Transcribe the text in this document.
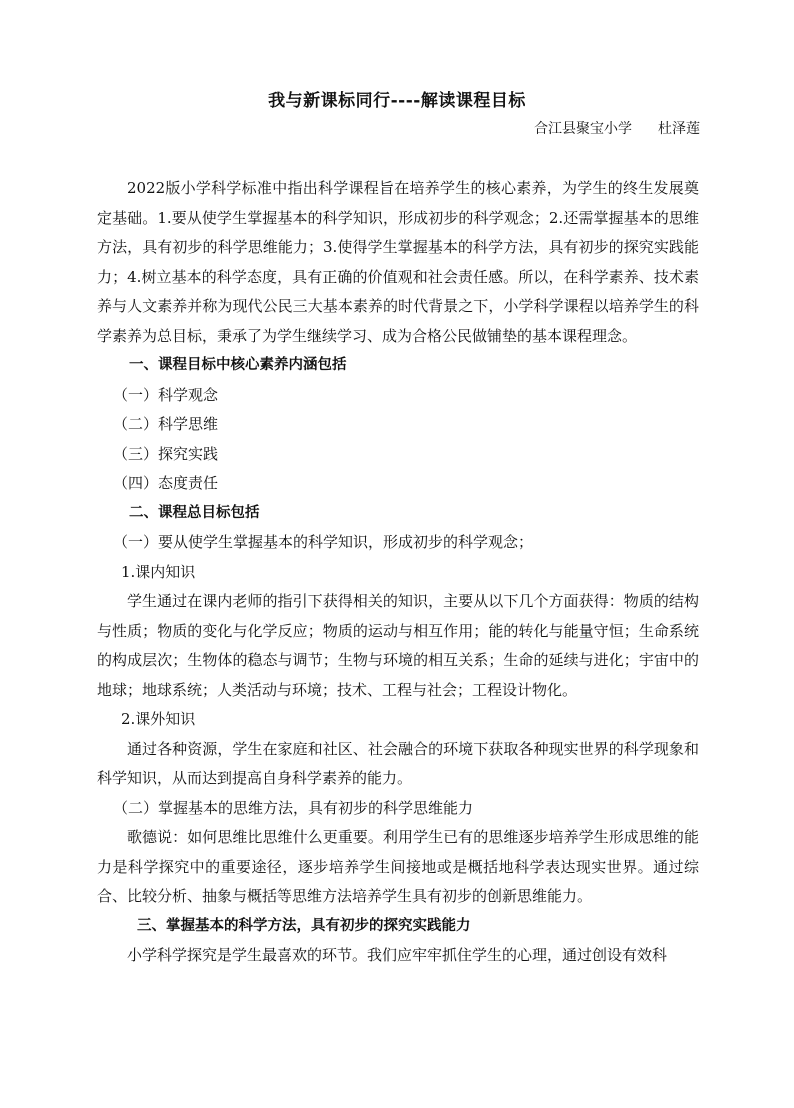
我与新课标同行----解读课程目标
合江县聚宝小学 杜泽莲

2022版小学科学标准中指出科学课程旨在培养学生的核心素养，为学生的终生发展奠定基础。1.要从使学生掌握基本的科学知识，形成初步的科学观念；2.还需掌握基本的思维方法，具有初步的科学思维能力；3.使得学生掌握基本的科学方法，具有初步的探究实践能力；4.树立基本的科学态度，具有正确的价值观和社会责任感。所以，在科学素养、技术素养与人文素养并称为现代公民三大基本素养的时代背景之下，小学科学课程以培养学生的科学素养为总目标，秉承了为学生继续学习、成为合格公民做铺垫的基本课程理念。

一、课程目标中核心素养内涵包括

（一）科学观念

（二）科学思维

（三）探究实践

（四）态度责任

二、课程总目标包括

（一）要从使学生掌握基本的科学知识，形成初步的科学观念；

1.课内知识

学生通过在课内老师的指引下获得相关的知识，主要从以下几个方面获得：物质的结构与性质；物质的变化与化学反应；物质的运动与相互作用；能的转化与能量守恒；生命系统的构成层次；生物体的稳态与调节；生物与环境的相互关系；生命的延续与进化；宇宙中的地球；地球系统；人类活动与环境；技术、工程与社会；工程设计物化。

2.课外知识

通过各种资源，学生在家庭和社区、社会融合的环境下获取各种现实世界的科学现象和科学知识，从而达到提高自身科学素养的能力。

（二）掌握基本的思维方法，具有初步的科学思维能力

歌德说：如何思维比思维什么更重要。利用学生已有的思维逐步培养学生形成思维的能力是科学探究中的重要途径，逐步培养学生间接地或是概括地科学表达现实世界。通过综合、比较分析、抽象与概括等思维方法培养学生具有初步的创新思维能力。

三、掌握基本的科学方法，具有初步的探究实践能力

小学科学探究是学生最喜欢的环节。我们应牢牢抓住学生的心理，通过创设有效科
